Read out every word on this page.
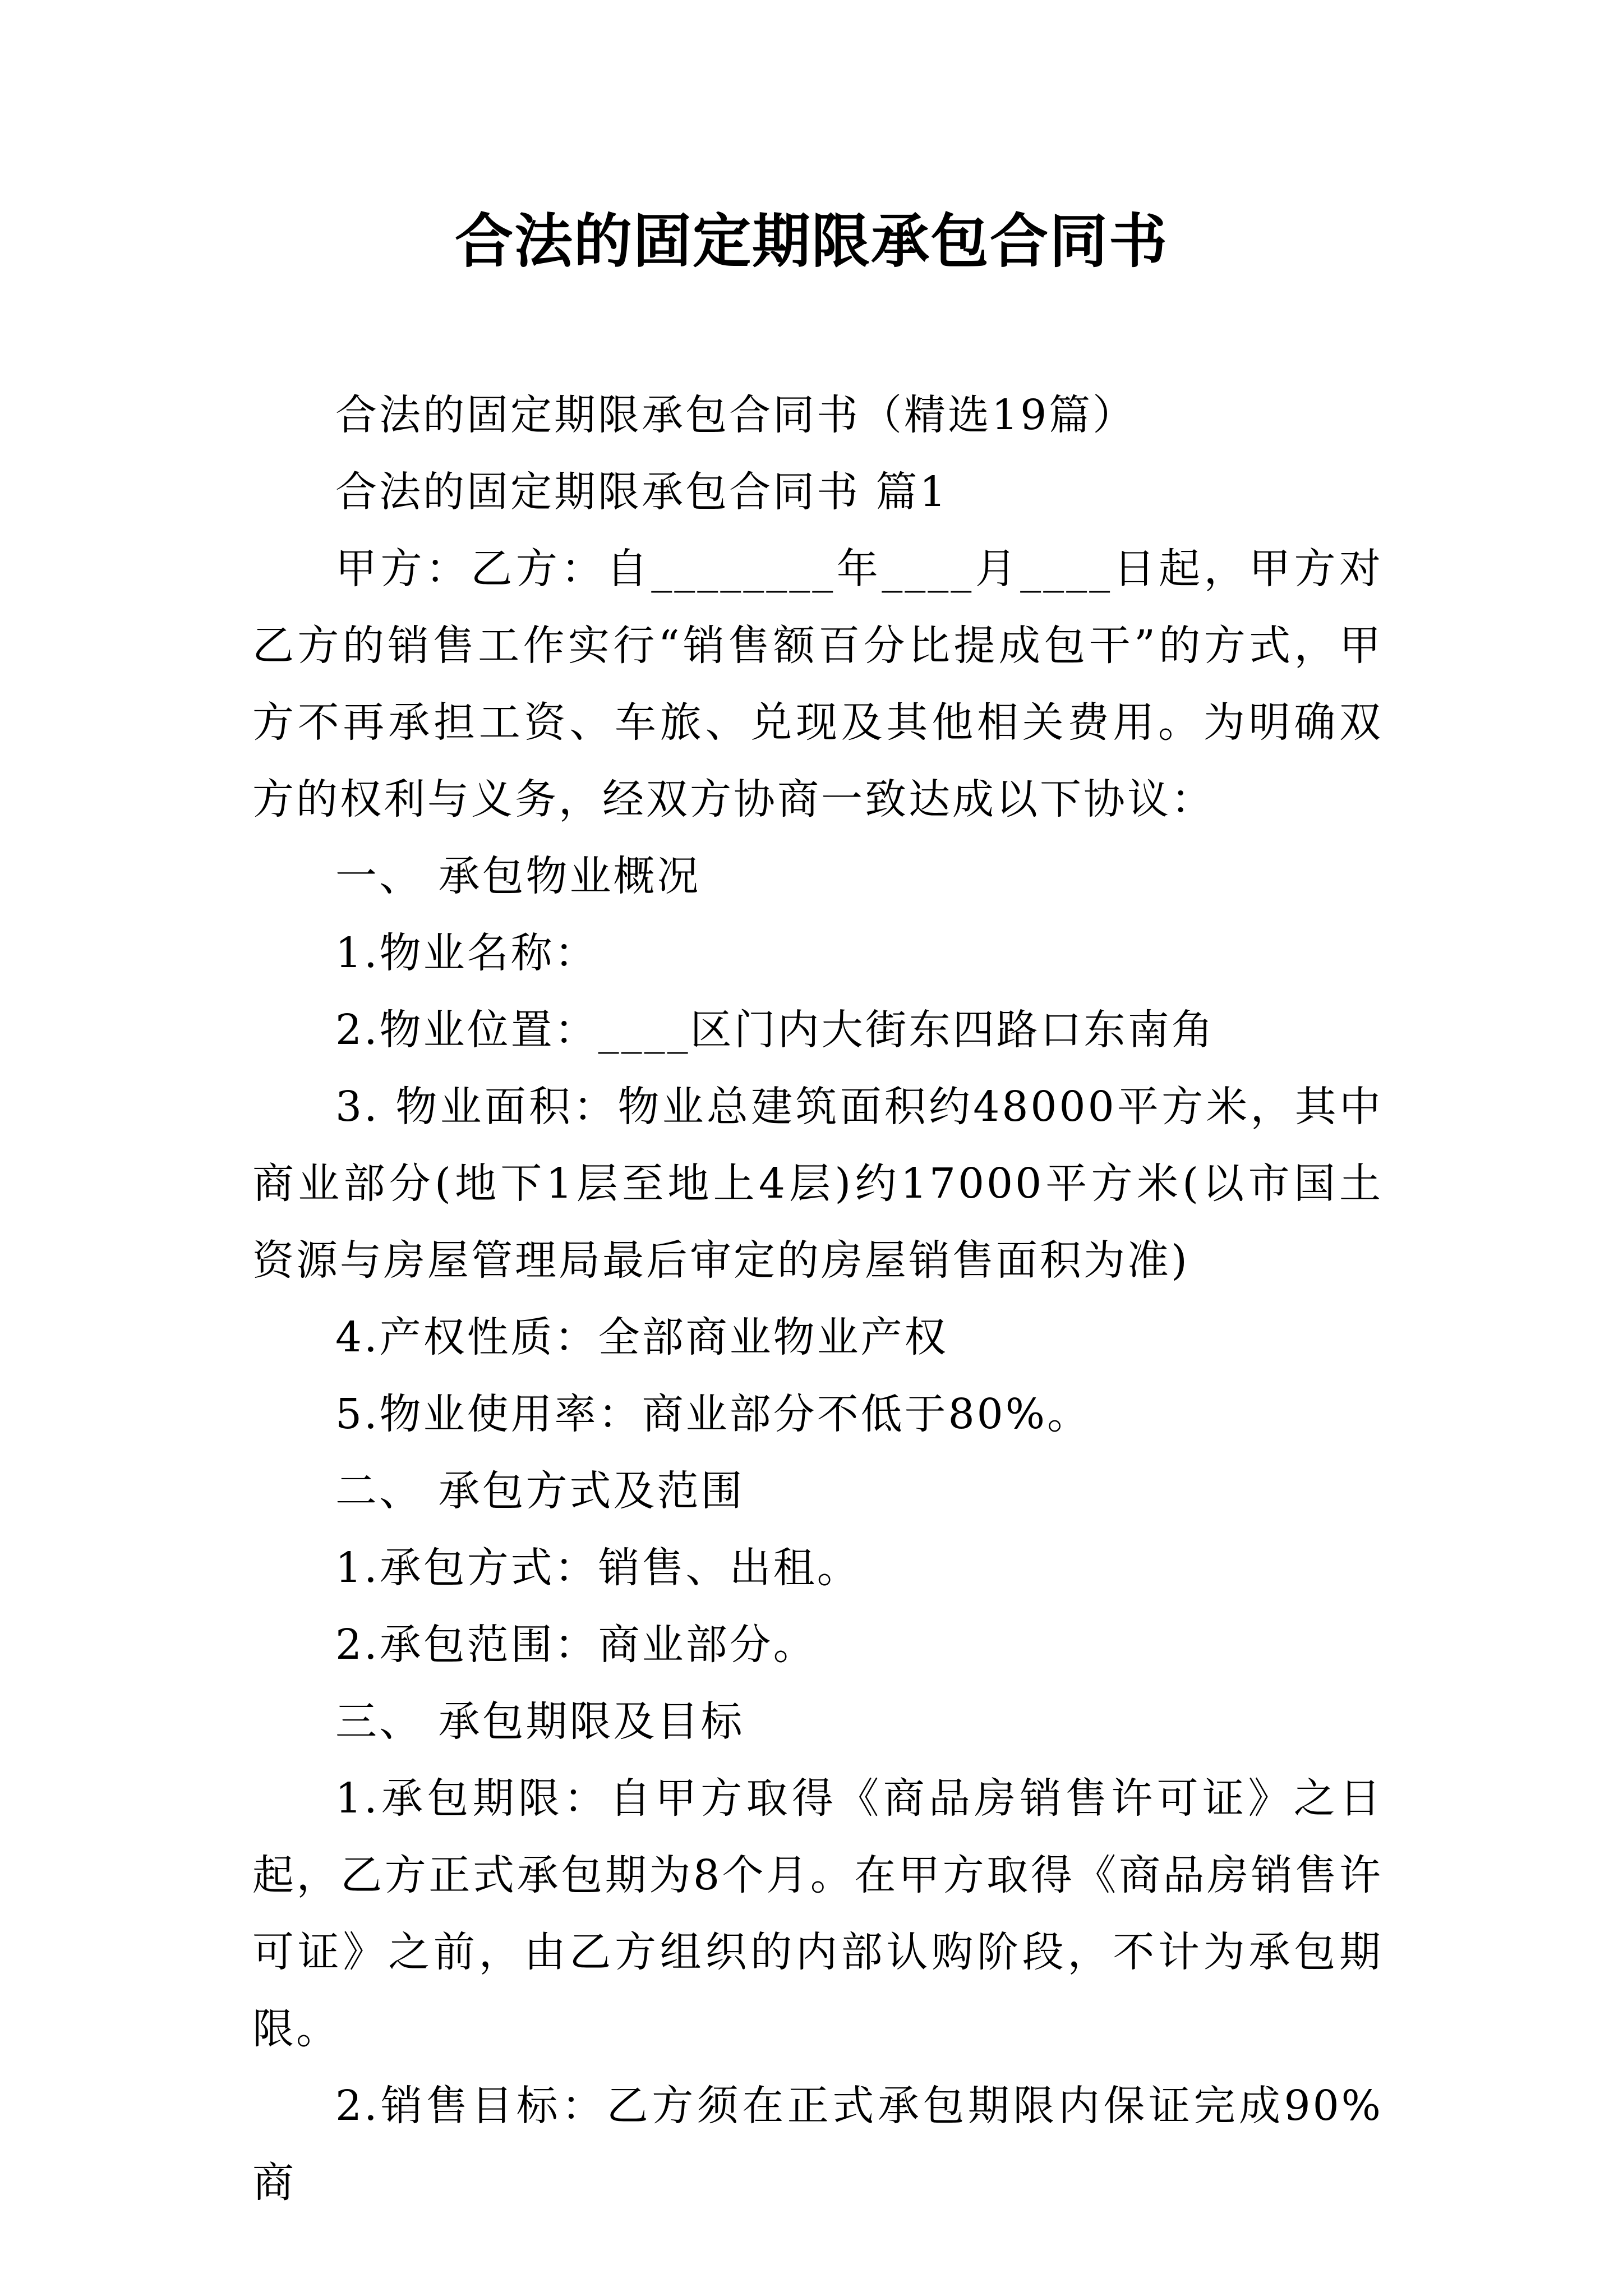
合法的固定期限承包合同书

合法的固定期限承包合同书（精选19篇）

合法的固定期限承包合同书 篇1

甲方：乙方：自________年____月____日起，甲方对乙方的销售工作实行“销售额百分比提成包干”的方式，甲方不再承担工资、车旅、兑现及其他相关费用。为明确双方的权利与义务，经双方协商一致达成以下协议：

一、 承包物业概况

1.物业名称：

2.物业位置：____区门内大街东四路口东南角

3. 物业面积：物业总建筑面积约48000平方米，其中商业部分(地下1层至地上4层)约17000平方米(以市国土资源与房屋管理局最后审定的房屋销售面积为准)

4.产权性质：全部商业物业产权

5.物业使用率：商业部分不低于80%。

二、 承包方式及范围

1.承包方式：销售、出租。

2.承包范围：商业部分。

三、 承包期限及目标

1.承包期限：自甲方取得《商品房销售许可证》之日起，乙方正式承包期为8个月。在甲方取得《商品房销售许可证》之前，由乙方组织的内部认购阶段，不计为承包期限。

2.销售目标：乙方须在正式承包期限内保证完成90%商
